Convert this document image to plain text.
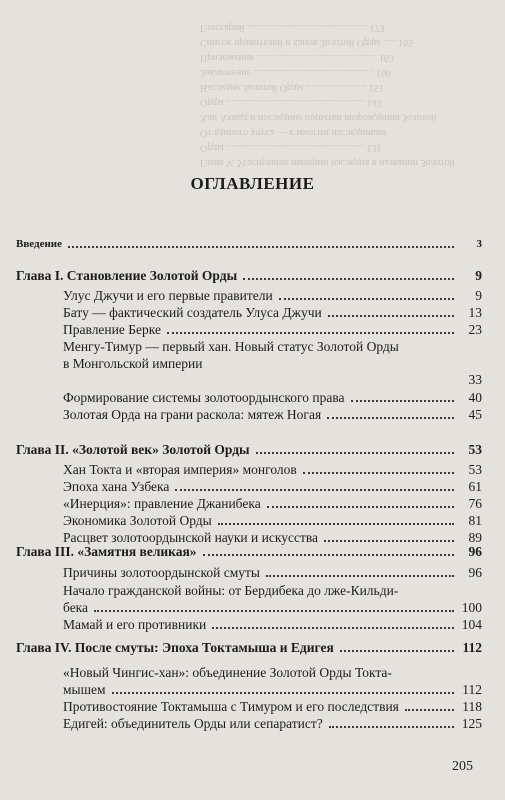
Глава V. Угаснувшие империи наследия в названии Золотой
Орды ....................................................... 131
От единого улуса — к многим наследникам
Хан Ахмад и последние попытки возрождения Золотой
Орды ....................................................... 143
Наследие Золотой Орды ........................ 151
Заключение ................................................ 160
Приложения ................................................ 163
Список правителей и ханов Золотой Орды ..... 165
Глоссарий ................................................ 173
ОГЛАВЛЕНИЕ
Введение	3
Глава I. Становление Золотой Орды	9
Улус Джучи и его первые правители	9
Бату — фактический создатель Улуса Джучи	13
Правление Берке	23
Менгу-Тимур — первый хан. Новый статус Золотой Орды
в Монгольской империи
33
Формирование системы золотоордынского права	40
Золотая Орда на грани раскола: мятеж Ногая	45
Глава II. «Золотой век» Золотой Орды	53
Хан Токта и «вторая империя» монголов	53
Эпоха хана Узбека	61
«Инерция»: правление Джанибека	76
Экономика Золотой Орды	81
Расцвет золотоордынской науки и искусства	89
Глава III. «Замятня великая»	96
Причины золотоордынской смуты	96
Начало гражданской войны: от Бердибека до лже-Кильди-
бека	100
Мамай и его противники	104
Глава IV. После смуты: Эпоха Токтамыша и Едигея	112
«Новый Чингис-хан»: объединение Золотой Орды Токта-
мышем	112
Противостояние Токтамыша с Тимуром и его последствия	118
Едигей: объединитель Орды или сепаратист?	125
205
